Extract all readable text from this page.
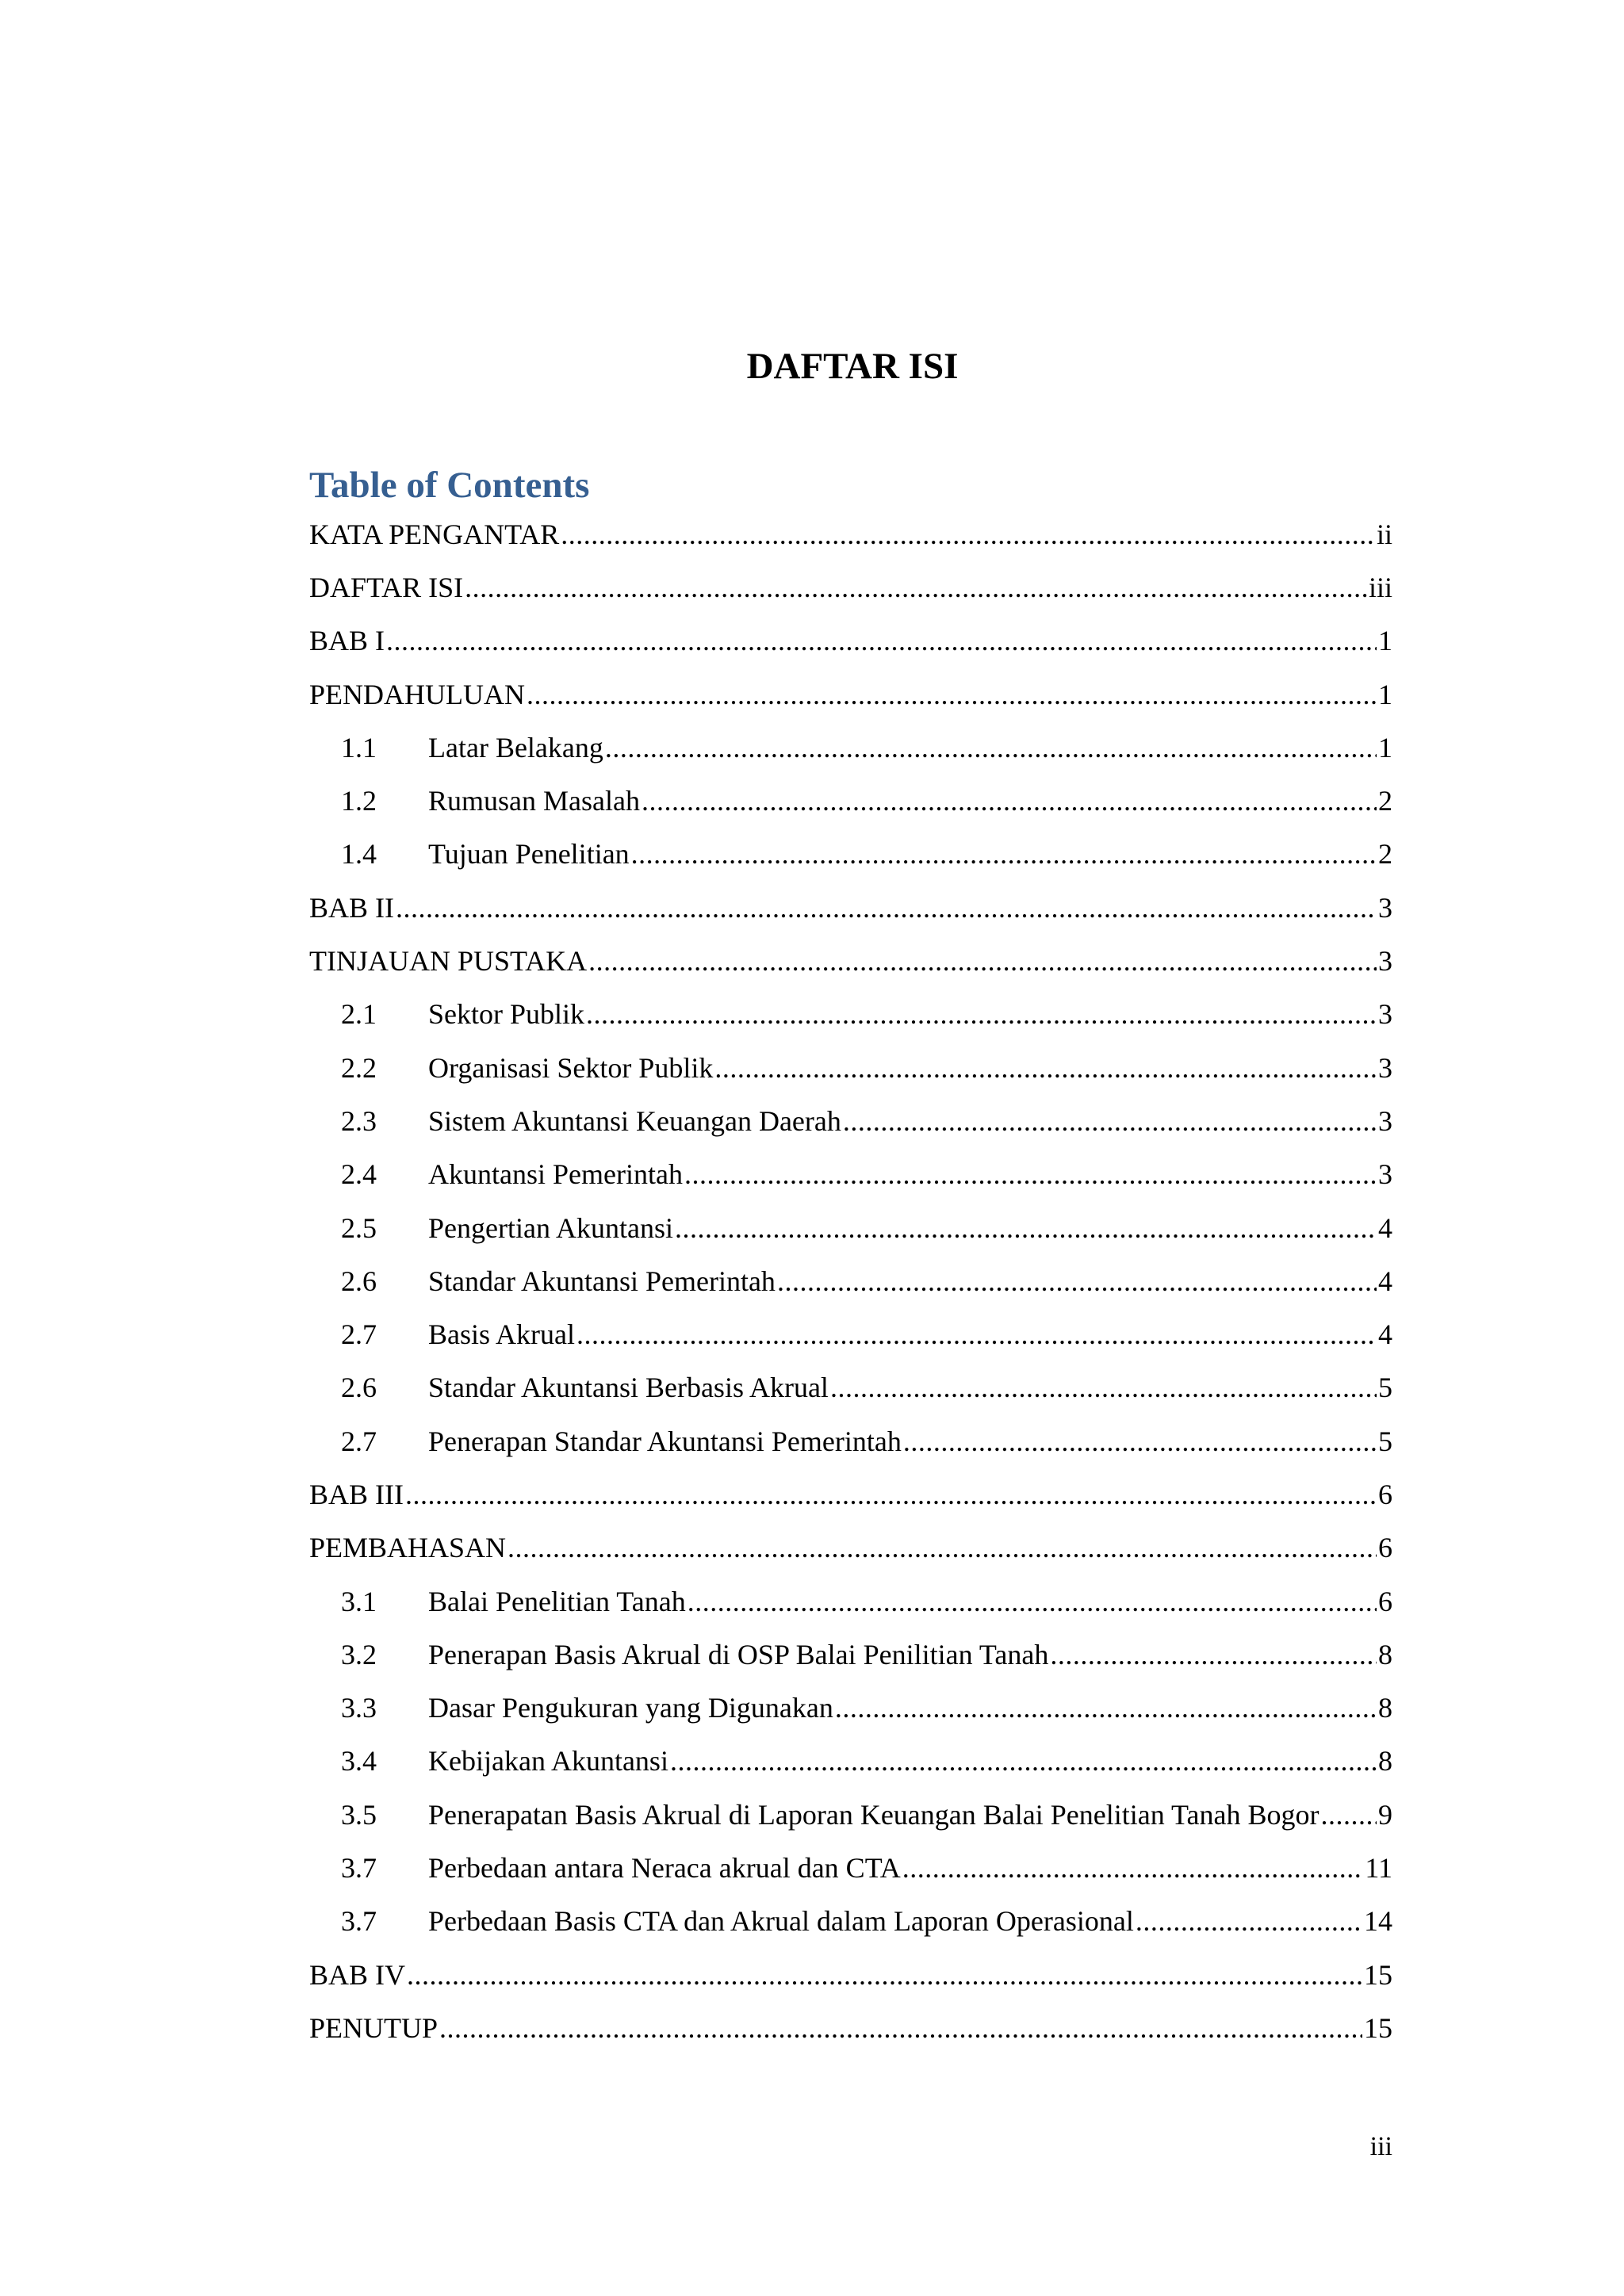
DAFTAR ISI
Table of Contents
KATA PENGANTAR .....	ii
DAFTAR ISI .....	iii
BAB I .....	1
PENDAHULUAN .....	1
1.1	Latar Belakang .....	1
1.2	Rumusan Masalah .....	2
1.4	Tujuan Penelitian .....	2
BAB II .....	3
TINJAUAN PUSTAKA .....	3
2.1	Sektor Publik .....	3
2.2	Organisasi Sektor Publik .....	3
2.3	Sistem Akuntansi Keuangan Daerah .....	3
2.4	Akuntansi Pemerintah .....	3
2.5	Pengertian Akuntansi .....	4
2.6	Standar Akuntansi Pemerintah .....	4
2.7	Basis Akrual .....	4
2.6	Standar Akuntansi Berbasis Akrual .....	5
2.7	Penerapan Standar Akuntansi Pemerintah .....	5
BAB III .....	6
PEMBAHASAN .....	6
3.1	Balai Penelitian Tanah .....	6
3.2	Penerapan Basis Akrual di OSP Balai Penilitian Tanah .....	8
3.3	Dasar Pengukuran yang Digunakan .....	8
3.4	Kebijakan Akuntansi .....	8
3.5	Penerapatan Basis Akrual di Laporan Keuangan Balai Penelitian Tanah Bogor ..... 9
3.7	Perbedaan antara Neraca akrual dan CTA .....	11
3.7	Perbedaan Basis CTA dan Akrual dalam Laporan Operasional .....	14
BAB IV .....	15
PENUTUP .....	15
iii
